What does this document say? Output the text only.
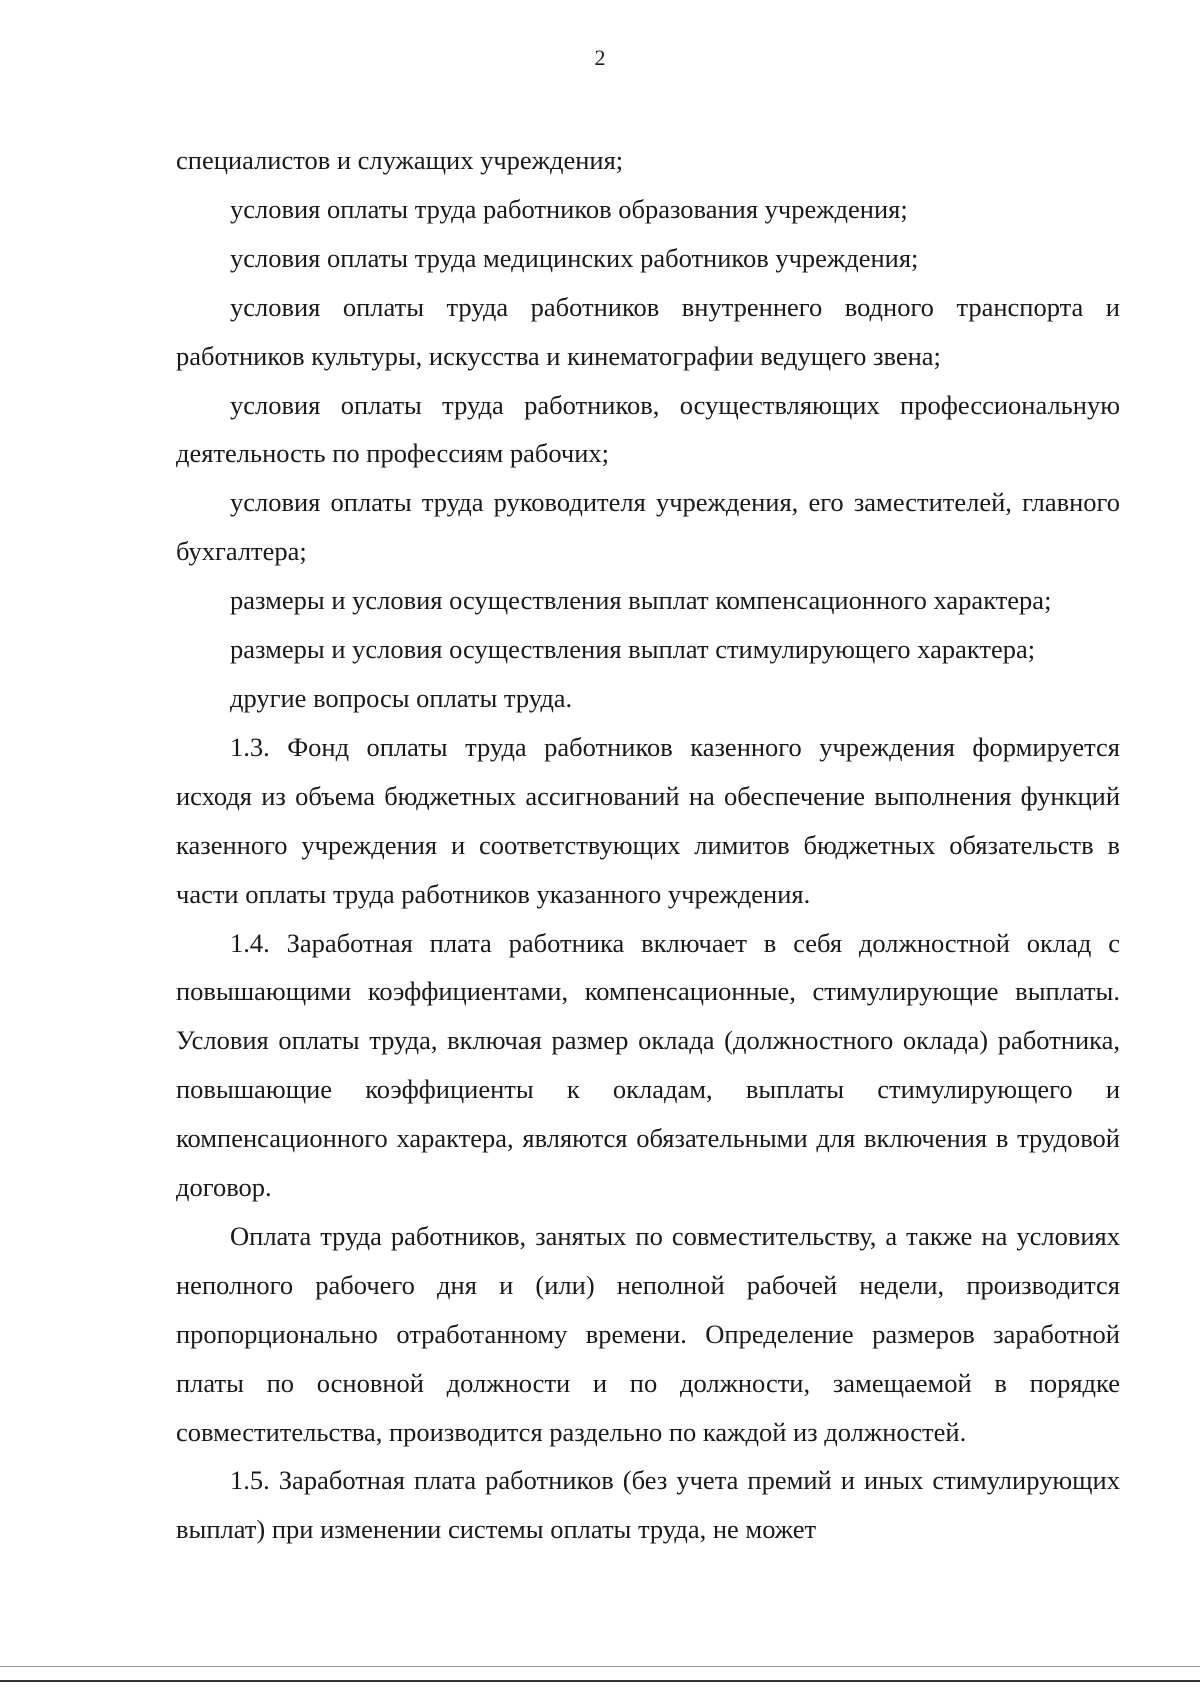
2

специалистов и служащих учреждения;

условия оплаты труда работников образования учреждения;

условия оплаты труда медицинских работников учреждения;

условия оплаты труда работников внутреннего водного транспорта и работников культуры, искусства и кинематографии ведущего звена;

условия оплаты труда работников, осуществляющих профессиональную деятельность по профессиям рабочих;

условия оплаты труда руководителя учреждения, его заместителей, главного бухгалтера;

размеры и условия осуществления выплат компенсационного характера;

размеры и условия осуществления выплат стимулирующего характера;

другие вопросы оплаты труда.

1.3. Фонд оплаты труда работников казенного учреждения формируется исходя из объема бюджетных ассигнований на обеспечение выполнения функций казенного учреждения и соответствующих лимитов бюджетных обязательств в части оплаты труда работников указанного учреждения.

1.4. Заработная плата работника включает в себя должностной оклад с повышающими коэффициентами, компенсационные, стимулирующие выплаты. Условия оплаты труда, включая размер оклада (должностного оклада) работника, повышающие коэффициенты к окладам, выплаты стимулирующего и компенсационного характера, являются обязательными для включения в трудовой договор.

Оплата труда работников, занятых по совместительству, а также на условиях неполного рабочего дня и (или) неполной рабочей недели, производится пропорционально отработанному времени. Определение размеров заработной платы по основной должности и по должности, замещаемой в порядке совместительства, производится раздельно по каждой из должностей.

1.5. Заработная плата работников (без учета премий и иных стимулирующих выплат) при изменении системы оплаты труда, не может
